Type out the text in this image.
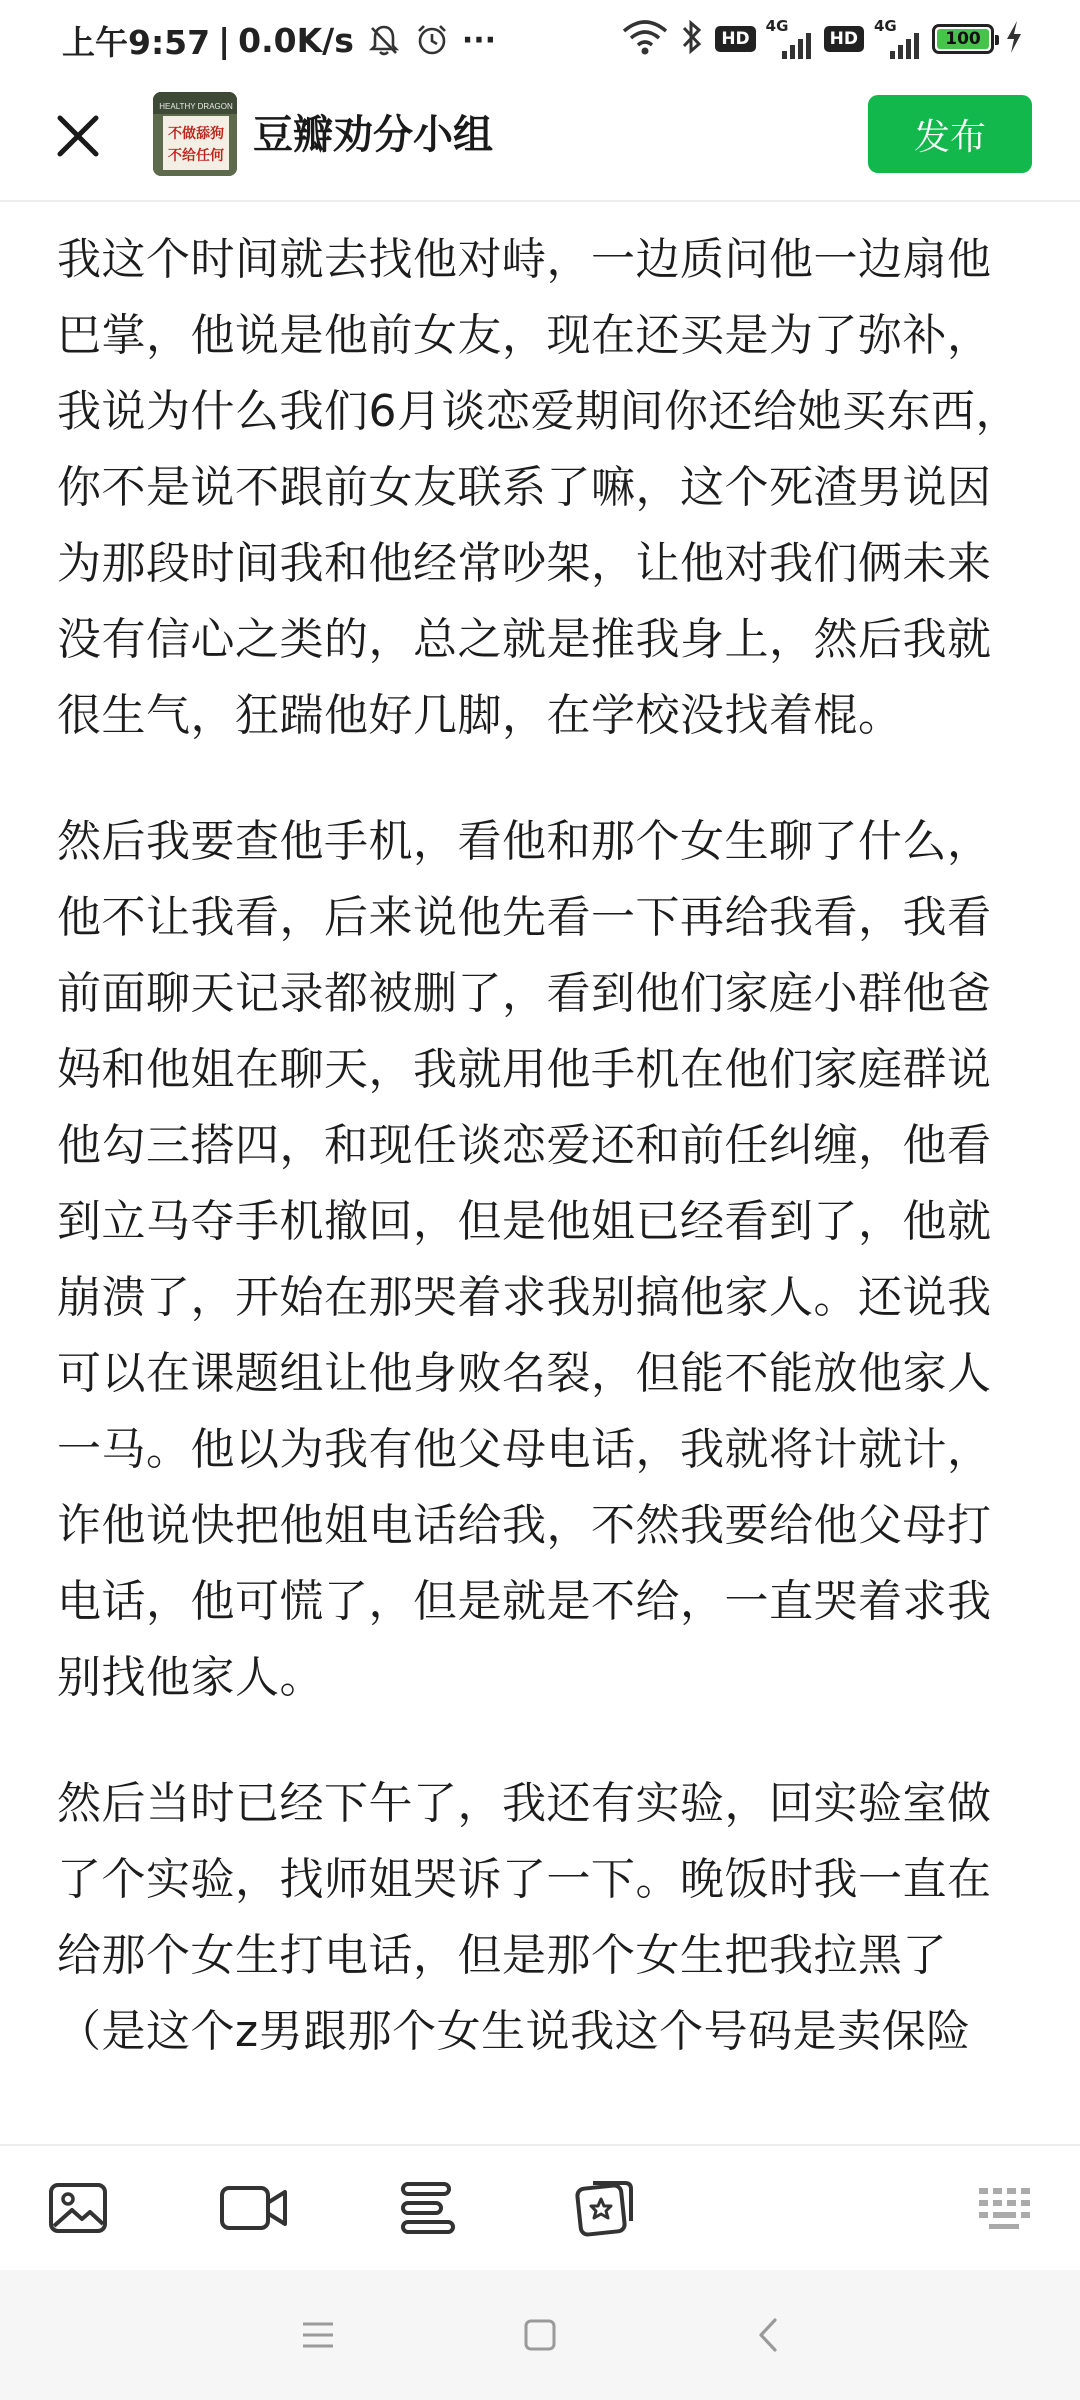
上午9:57 | 0.0K/s	···	HD
4G
HD
4G
100
HEALTHY DRAGON
不做舔狗
不给任何 豆瓣劝分小组	发布

我这个时间就去找他对峙，一边质问他一边扇他巴掌，他说是他前女友，现在还买是为了弥补，我说为什么我们6月谈恋爱期间你还给她买东西，你不是说不跟前女友联系了嘛，这个死渣男说因为那段时间我和他经常吵架，让他对我们俩未来没有信心之类的，总之就是推我身上，然后我就很生气，狂踹他好几脚，在学校没找着棍。

然后我要查他手机，看他和那个女生聊了什么，他不让我看，后来说他先看一下再给我看，我看前面聊天记录都被删了，看到他们家庭小群他爸妈和他姐在聊天，我就用他手机在他们家庭群说他勾三搭四，和现任谈恋爱还和前任纠缠，他看到立马夺手机撤回，但是他姐已经看到了，他就崩溃了，开始在那哭着求我别搞他家人。还说我可以在课题组让他身败名裂，但能不能放他家人一马。他以为我有他父母电话，我就将计就计，诈他说快把他姐电话给我，不然我要给他父母打电话，他可慌了，但是就是不给，一直哭着求我别找他家人。

然后当时已经下午了，我还有实验，回实验室做了个实验，找师姐哭诉了一下。晚饭时我一直在给那个女生打电话，但是那个女生把我拉黑了（是这个z男跟那个女生说我这个号码是卖保险
